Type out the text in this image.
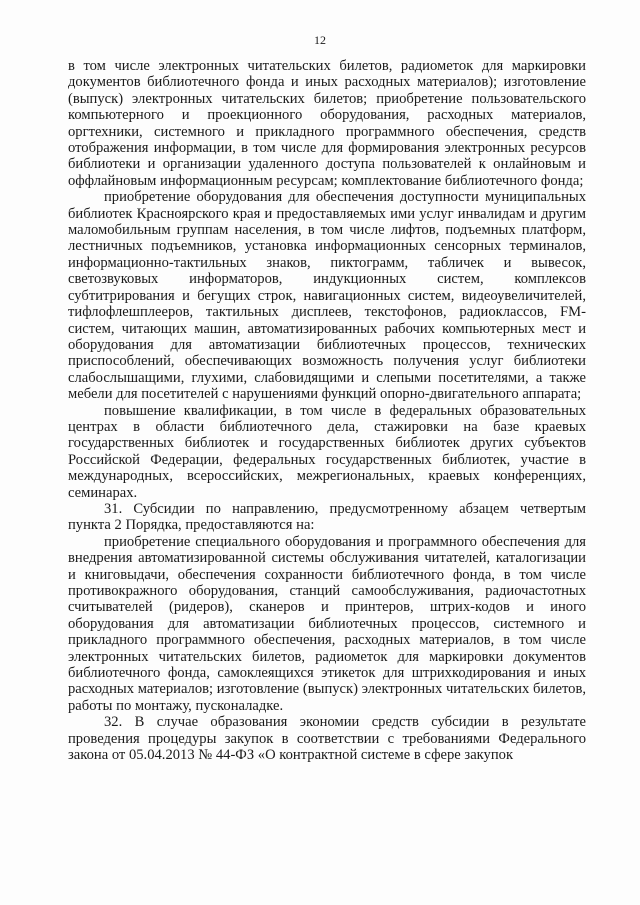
12

в том числе электронных читательских билетов, радиометок для маркировки документов библиотечного фонда и иных расходных материалов); изготовление (выпуск) электронных читательских билетов; приобретение пользовательского компьютерного и проекционного оборудования, расходных материалов, оргтехники, системного и прикладного программного обеспечения, средств отображения информации, в том числе для формирования электронных ресурсов библиотеки и организации удаленного доступа пользователей к онлайновым и оффлайновым информационным ресурсам; комплектование библиотечного фонда;

приобретение оборудования для обеспечения доступности муниципальных библиотек Красноярского края и предоставляемых ими услуг инвалидам и другим маломобильным группам населения, в том числе лифтов, подъемных платформ, лестничных подъемников, установка информационных сенсорных терминалов, информационно-тактильных знаков, пиктограмм, табличек и вывесок, светозвуковых информаторов, индукционных систем, комплексов субтитрирования и бегущих строк, навигационных систем, видеоувеличителей, тифлофлешплееров, тактильных дисплеев, текстофонов, радиоклассов, FM-систем, читающих машин, автоматизированных рабочих компьютерных мест и оборудования для автоматизации библиотечных процессов, технических приспособлений, обеспечивающих возможность получения услуг библиотеки слабослышащими, глухими, слабовидящими и слепыми посетителями, а также мебели для посетителей с нарушениями функций опорно-двигательного аппарата;

повышение квалификации, в том числе в федеральных образовательных центрах в области библиотечного дела, стажировки на базе краевых государственных библиотек и государственных библиотек других субъектов Российской Федерации, федеральных государственных библиотек, участие в международных, всероссийских, межрегиональных, краевых конференциях, семинарах.

31. Субсидии по направлению, предусмотренному абзацем четвертым пункта 2 Порядка, предоставляются на:

приобретение специального оборудования и программного обеспечения для внедрения автоматизированной системы обслуживания читателей, каталогизации и книговыдачи, обеспечения сохранности библиотечного фонда, в том числе противокражного оборудования, станций самообслуживания, радиочастотных считывателей (ридеров), сканеров и принтеров, штрих-кодов и иного оборудования для автоматизации библиотечных процессов, системного и прикладного программного обеспечения, расходных материалов, в том числе электронных читательских билетов, радиометок для маркировки документов библиотечного фонда, самоклеящихся этикеток для штрихкодирования и иных расходных материалов; изготовление (выпуск) электронных читательских билетов, работы по монтажу, пусконаладке.

32. В случае образования экономии средств субсидии в результате проведения процедуры закупок в соответствии с требованиями Федерального закона от 05.04.2013 № 44-ФЗ «О контрактной системе в сфере закупок
